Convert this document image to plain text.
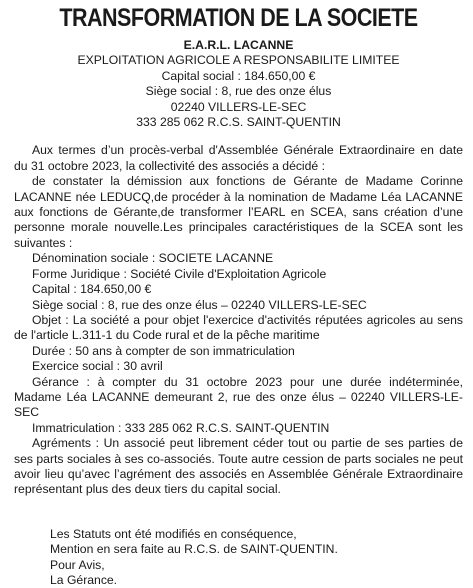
TRANSFORMATION DE LA SOCIETE
E.A.R.L. LACANNE
EXPLOITATION AGRICOLE A RESPONSABILITE LIMITEE
Capital social : 184.650,00 €
Siège social : 8, rue des onze élus
02240 VILLERS-LE-SEC
333 285 062 R.C.S. SAINT-QUENTIN

Aux termes d’un procès-verbal d'Assemblée Générale Extraordinaire en date du 31 octobre 2023, la collectivité des associés a décidé :

de constater la démission aux fonctions de Gérante de Madame Corinne LACANNE née LEDUCQ,de procéder à la nomination de Madame Léa LACANNE aux fonctions de Gérante,de transformer l’EARL en SCEA, sans création d’une personne morale nouvelle.Les principales caractéristiques de la SCEA sont les suivantes :

Dénomination sociale : SOCIETE LACANNE

Forme Juridique : Société Civile d'Exploitation Agricole

Capital : 184.650,00 €

Siège social : 8, rue des onze élus – 02240 VILLERS-LE-SEC

Objet : La société a pour objet l'exercice d'activités réputées agricoles au sens de l'article L.311-1 du Code rural et de la pêche maritime

Durée : 50 ans à compter de son immatriculation

Exercice social : 30 avril

Gérance : à compter du 31 octobre 2023 pour une durée indéterminée, Madame Léa LACANNE demeurant 2, rue des onze élus – 02240 VILLERS-LE-SEC

Immatriculation : 333 285 062 R.C.S. SAINT-QUENTIN

Agréments : Un associé peut librement céder tout ou partie de ses parties de ses parts sociales à ses co-associés. Toute autre cession de parts sociales ne peut avoir lieu qu’avec l’agrément des associés en Assemblée Générale Extraordinaire représentant plus des deux tiers du capital social.

Les Statuts ont été modifiés en conséquence,

Mention en sera faite au R.C.S. de SAINT-QUENTIN.

Pour Avis,

La Gérance.
